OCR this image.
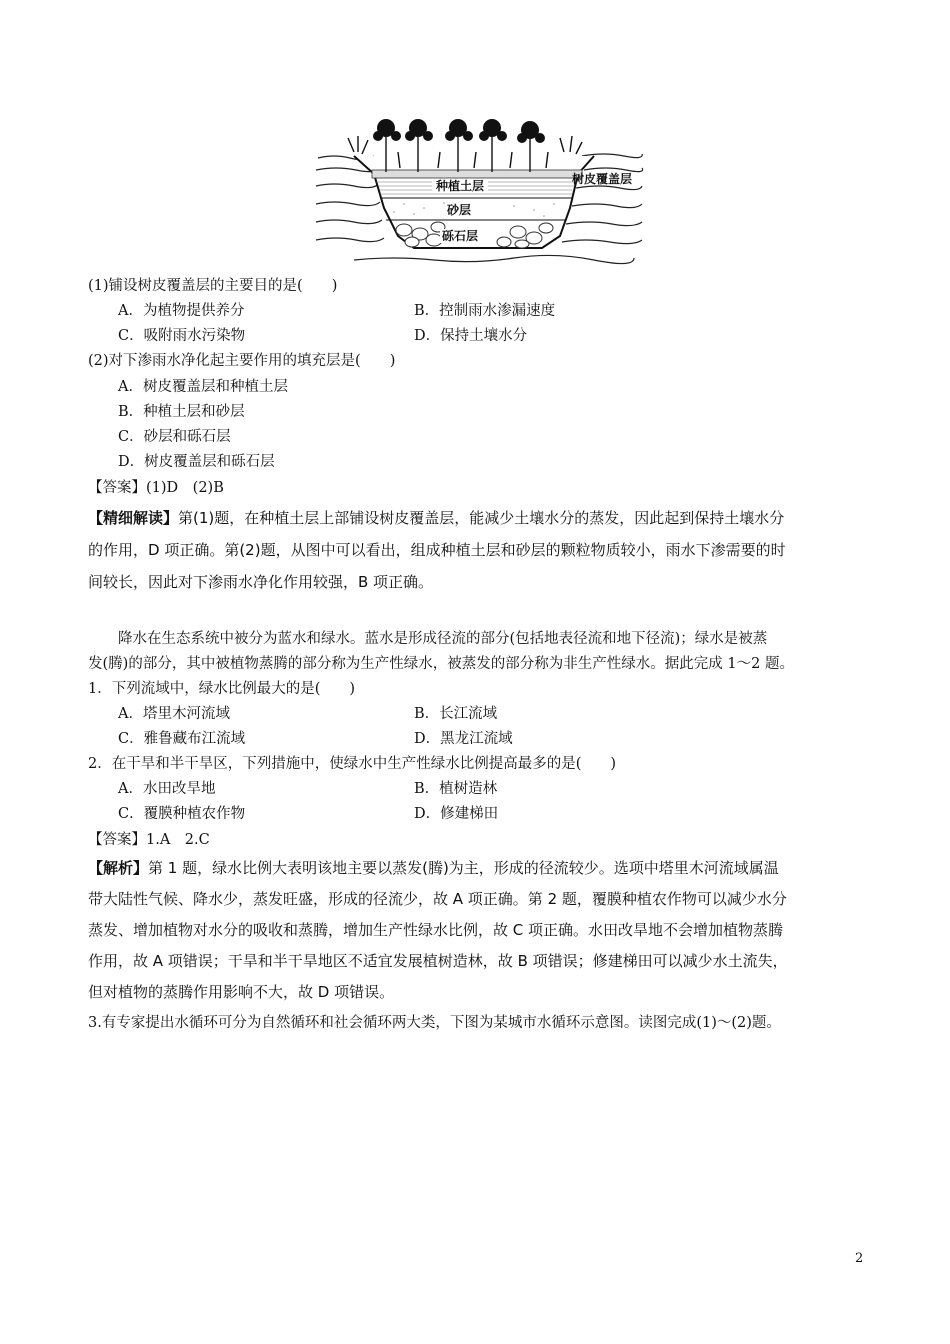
种植土层
砂层
砾石层
树皮覆盖层
(1)铺设树皮覆盖层的主要目的是(　　)
A．为植物提供养分	B．控制雨水渗漏速度
C．吸附雨水污染物	D．保持土壤水分
(2)对下渗雨水净化起主要作用的填充层是(　　)
A．树皮覆盖层和种植土层
B．种植土层和砂层
C．砂层和砾石层
D．树皮覆盖层和砾石层
【答案】(1)D　(2)B
【精细解读】第(1)题，在种植土层上部铺设树皮覆盖层，能减少土壤水分的蒸发，因此起到保持土壤水分
的作用，D 项正确。第(2)题，从图中可以看出，组成种植土层和砂层的颗粒物质较小，雨水下渗需要的时
间较长，因此对下渗雨水净化作用较强，B 项正确。
降水在生态系统中被分为蓝水和绿水。蓝水是形成径流的部分(包括地表径流和地下径流)；绿水是被蒸
发(腾)的部分，其中被植物蒸腾的部分称为生产性绿水，被蒸发的部分称为非生产性绿水。据此完成 1～2 题。
1．下列流域中，绿水比例最大的是(　　)
A．塔里木河流域	B．长江流域
C．雅鲁藏布江流域	D．黑龙江流域
2．在干旱和半干旱区，下列措施中，使绿水中生产性绿水比例提高最多的是(　　)
A．水田改旱地	B．植树造林
C．覆膜种植农作物	D．修建梯田
【答案】1.A　2.C
【解析】第 1 题，绿水比例大表明该地主要以蒸发(腾)为主，形成的径流较少。选项中塔里木河流域属温
带大陆性气候、降水少，蒸发旺盛，形成的径流少，故 A 项正确。第 2 题，覆膜种植农作物可以减少水分
蒸发、增加植物对水分的吸收和蒸腾，增加生产性绿水比例，故 C 项正确。水田改旱地不会增加植物蒸腾
作用，故 A 项错误；干旱和半干旱地区不适宜发展植树造林，故 B 项错误；修建梯田可以减少水土流失，
但对植物的蒸腾作用影响不大，故 D 项错误。
3.有专家提出水循环可分为自然循环和社会循环两大类，下图为某城市水循环示意图。读图完成(1)～(2)题。
2
